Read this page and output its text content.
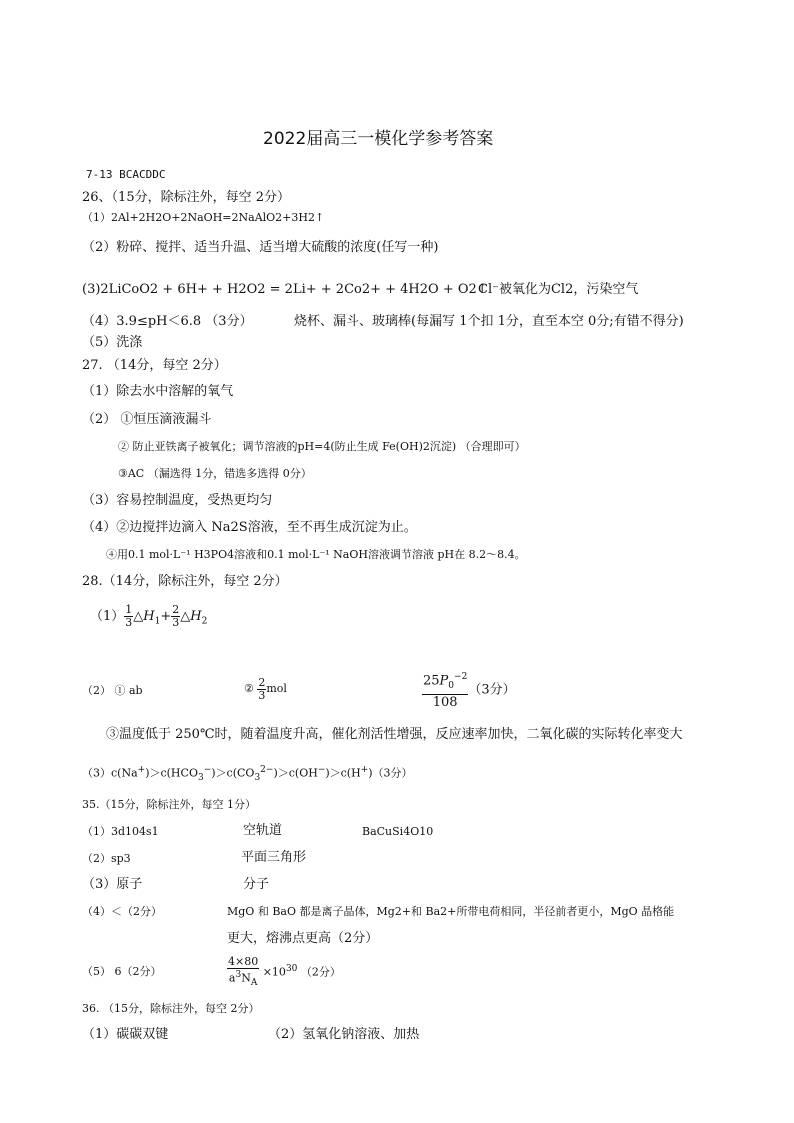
2022届高三一模化学参考答案
7-13 BCACDDC
26、（15分，除标注外，每空 2分）
（1）2Al+2H2O+2NaOH=2NaAlO2+3H2↑
（2）粉碎、搅拌、适当升温、适当增大硫酸的浓度(任写一种)
(3)2LiCoO2 + 6H+ + H2O2 = 2Li+ + 2Co2+ + 4H2O + O2↑
Cl⁻被氧化为Cl2，污染空气
（4）3.9≤pH＜6.8 （3分）	烧杯、漏斗、玻璃棒(每漏写 1个扣 1分，直至本空 0分;有错不得分)
（5）洗涤
27. （14分，每空 2分）
（1）除去水中溶解的氧气
（2） ①恒压滴液漏斗
② 防止亚铁离子被氧化；调节溶液的pH=4(防止生成 Fe(OH)2沉淀) （合理即可）
③AC （漏选得 1分，错选多选得 0分）
（3）容易控制温度，受热更均匀
（4）②边搅拌边滴入 Na2S溶液，至不再生成沉淀为止。
④用0.1 mol·L⁻¹ H3PO4溶液和0.1 mol·L⁻¹ NaOH溶液调节溶液 pH在 8.2～8.4。
28.（14分，除标注外，每空 2分）
$(1) \frac{1}{3}$ $\triangle H_1+ \frac{2}{3}$ $\triangle H_2$
（2） ① ab	② $\frac{2}{3}$ mol	$\frac{25P_0^{-2}}{108} (3$分）
③温度低于 250℃时，随着温度升高，催化剂活性增强，反应速率加快，二氧化碳的实际转化率变大
$(3)c(Na^+)>c(HCO_3^-)>c(CO_3^{2-})>c(OH^-)>c(H^+)(3$分）
35.（15分，除标注外，每空 1分）
（1）3d104s1	空轨道	BaCuSi4O10
（2）sp3	平面三角形
（3）原子	分子
（4）＜（2分）	MgO 和 BaO 都是离子晶体，Mg2+和 Ba2+所带电荷相同，半径前者更小，MgO 晶格能
更大，熔沸点更高（2分）
（5） 6（2分）	$\frac{4\times 80}{a^3N_A} \times 10^{30}$ （2分）
36. （15分，除标注外，每空 2分）
（1）碳碳双键	（2）氢氧化钠溶液、加热
